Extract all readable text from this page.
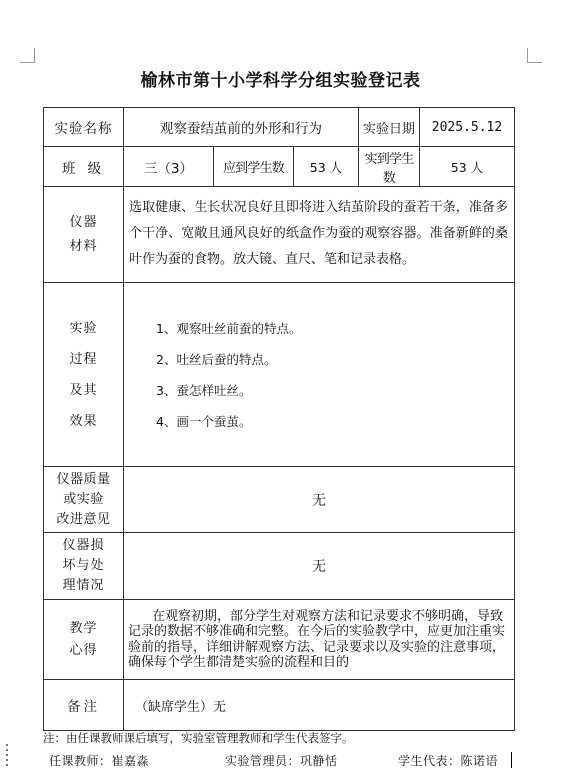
榆林市第十小学科学分组实验登记表
实验名称	观察蚕结茧前的外形和行为			实验日期	2025.5.12
班 级	三（3）	应到学生数	53 人	实到学生数	53 人

仪器
材料	选取健康、生长状况良好且即将进入结茧阶段的蚕若干条，准备多个干净、宽敞且通风良好的纸盒作为蚕的观察容器。准备新鲜的桑叶作为蚕的食物。放大镜、直尺、笔和记录表格。				

实验
过程
及其
效果	1、观察吐丝前蚕的特点。
2、吐丝后蚕的特点。
3、蚕怎样吐丝。
4、画一个蚕茧。				

仪器质量
或实验
改进意见	无				

仪器损
坏与处
理情况	无				

教学
心得	在观察初期，部分学生对观察方法和记录要求不够明确，导致记录的数据不够准确和完整。在今后的实验教学中，应更加注重实验前的指导，详细讲解观察方法、记录要求以及实验的注意事项，确保每个学生都清楚实验的流程和目的				
备注	（缺席学生）无				
注：由任课教师课后填写，实验室管理教师和学生代表签字。
任课教师：崔嘉淼	实验管理员：巩静恬	学生代表：陈诺语
